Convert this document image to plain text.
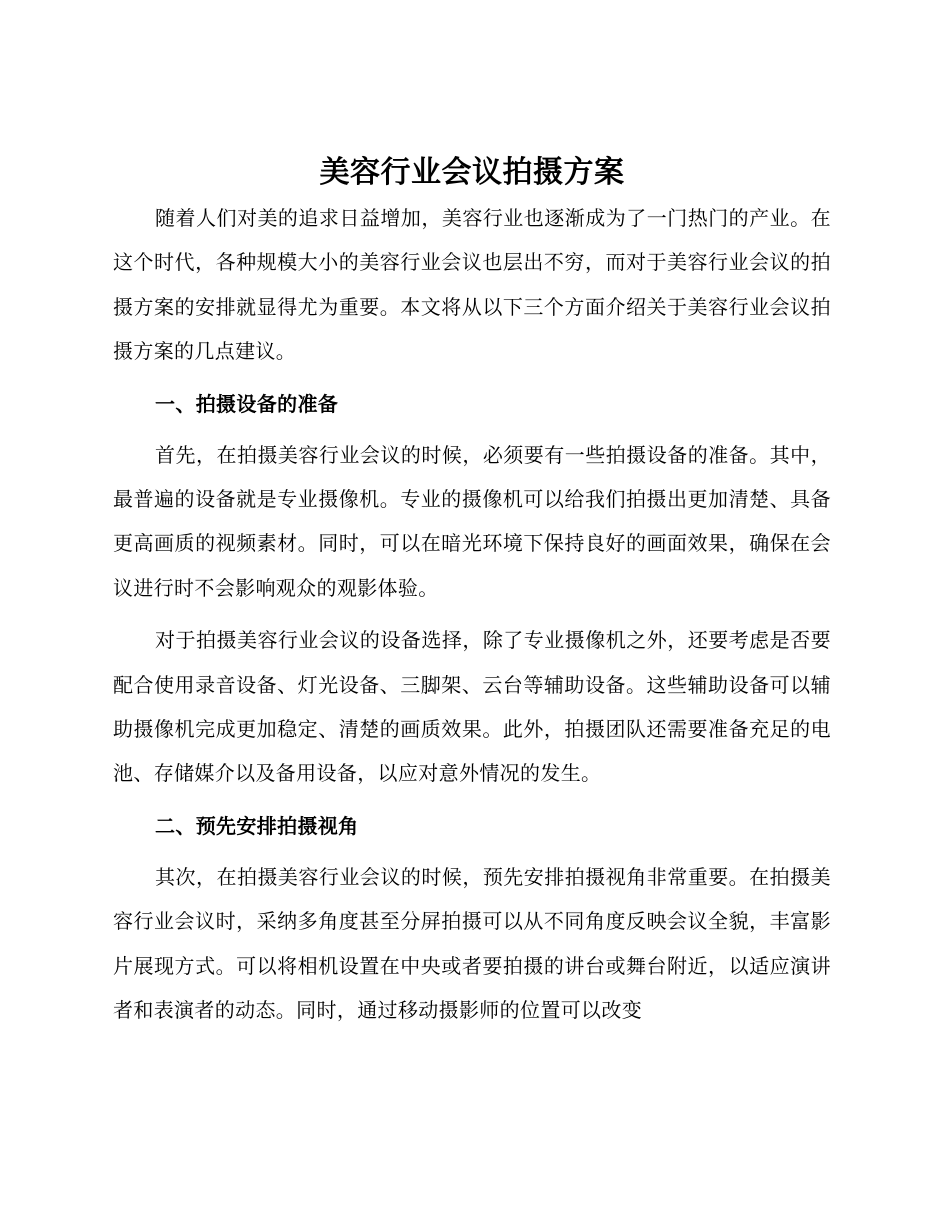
美容行业会议拍摄方案

随着人们对美的追求日益增加，美容行业也逐渐成为了一门热门的产业。在这个时代，各种规模大小的美容行业会议也层出不穷，而对于美容行业会议的拍摄方案的安排就显得尤为重要。本文将从以下三个方面介绍关于美容行业会议拍摄方案的几点建议。

一、拍摄设备的准备

首先，在拍摄美容行业会议的时候，必须要有一些拍摄设备的准备。其中，最普遍的设备就是专业摄像机。专业的摄像机可以给我们拍摄出更加清楚、具备更高画质的视频素材。同时，可以在暗光环境下保持良好的画面效果，确保在会议进行时不会影响观众的观影体验。

对于拍摄美容行业会议的设备选择，除了专业摄像机之外，还要考虑是否要配合使用录音设备、灯光设备、三脚架、云台等辅助设备。这些辅助设备可以辅助摄像机完成更加稳定、清楚的画质效果。此外，拍摄团队还需要准备充足的电池、存储媒介以及备用设备，以应对意外情况的发生。

二、预先安排拍摄视角

其次，在拍摄美容行业会议的时候，预先安排拍摄视角非常重要。在拍摄美容行业会议时，采纳多角度甚至分屏拍摄可以从不同角度反映会议全貌，丰富影片展现方式。可以将相机设置在中央或者要拍摄的讲台或舞台附近，以适应演讲者和表演者的动态。同时，通过移动摄影师的位置可以改变
